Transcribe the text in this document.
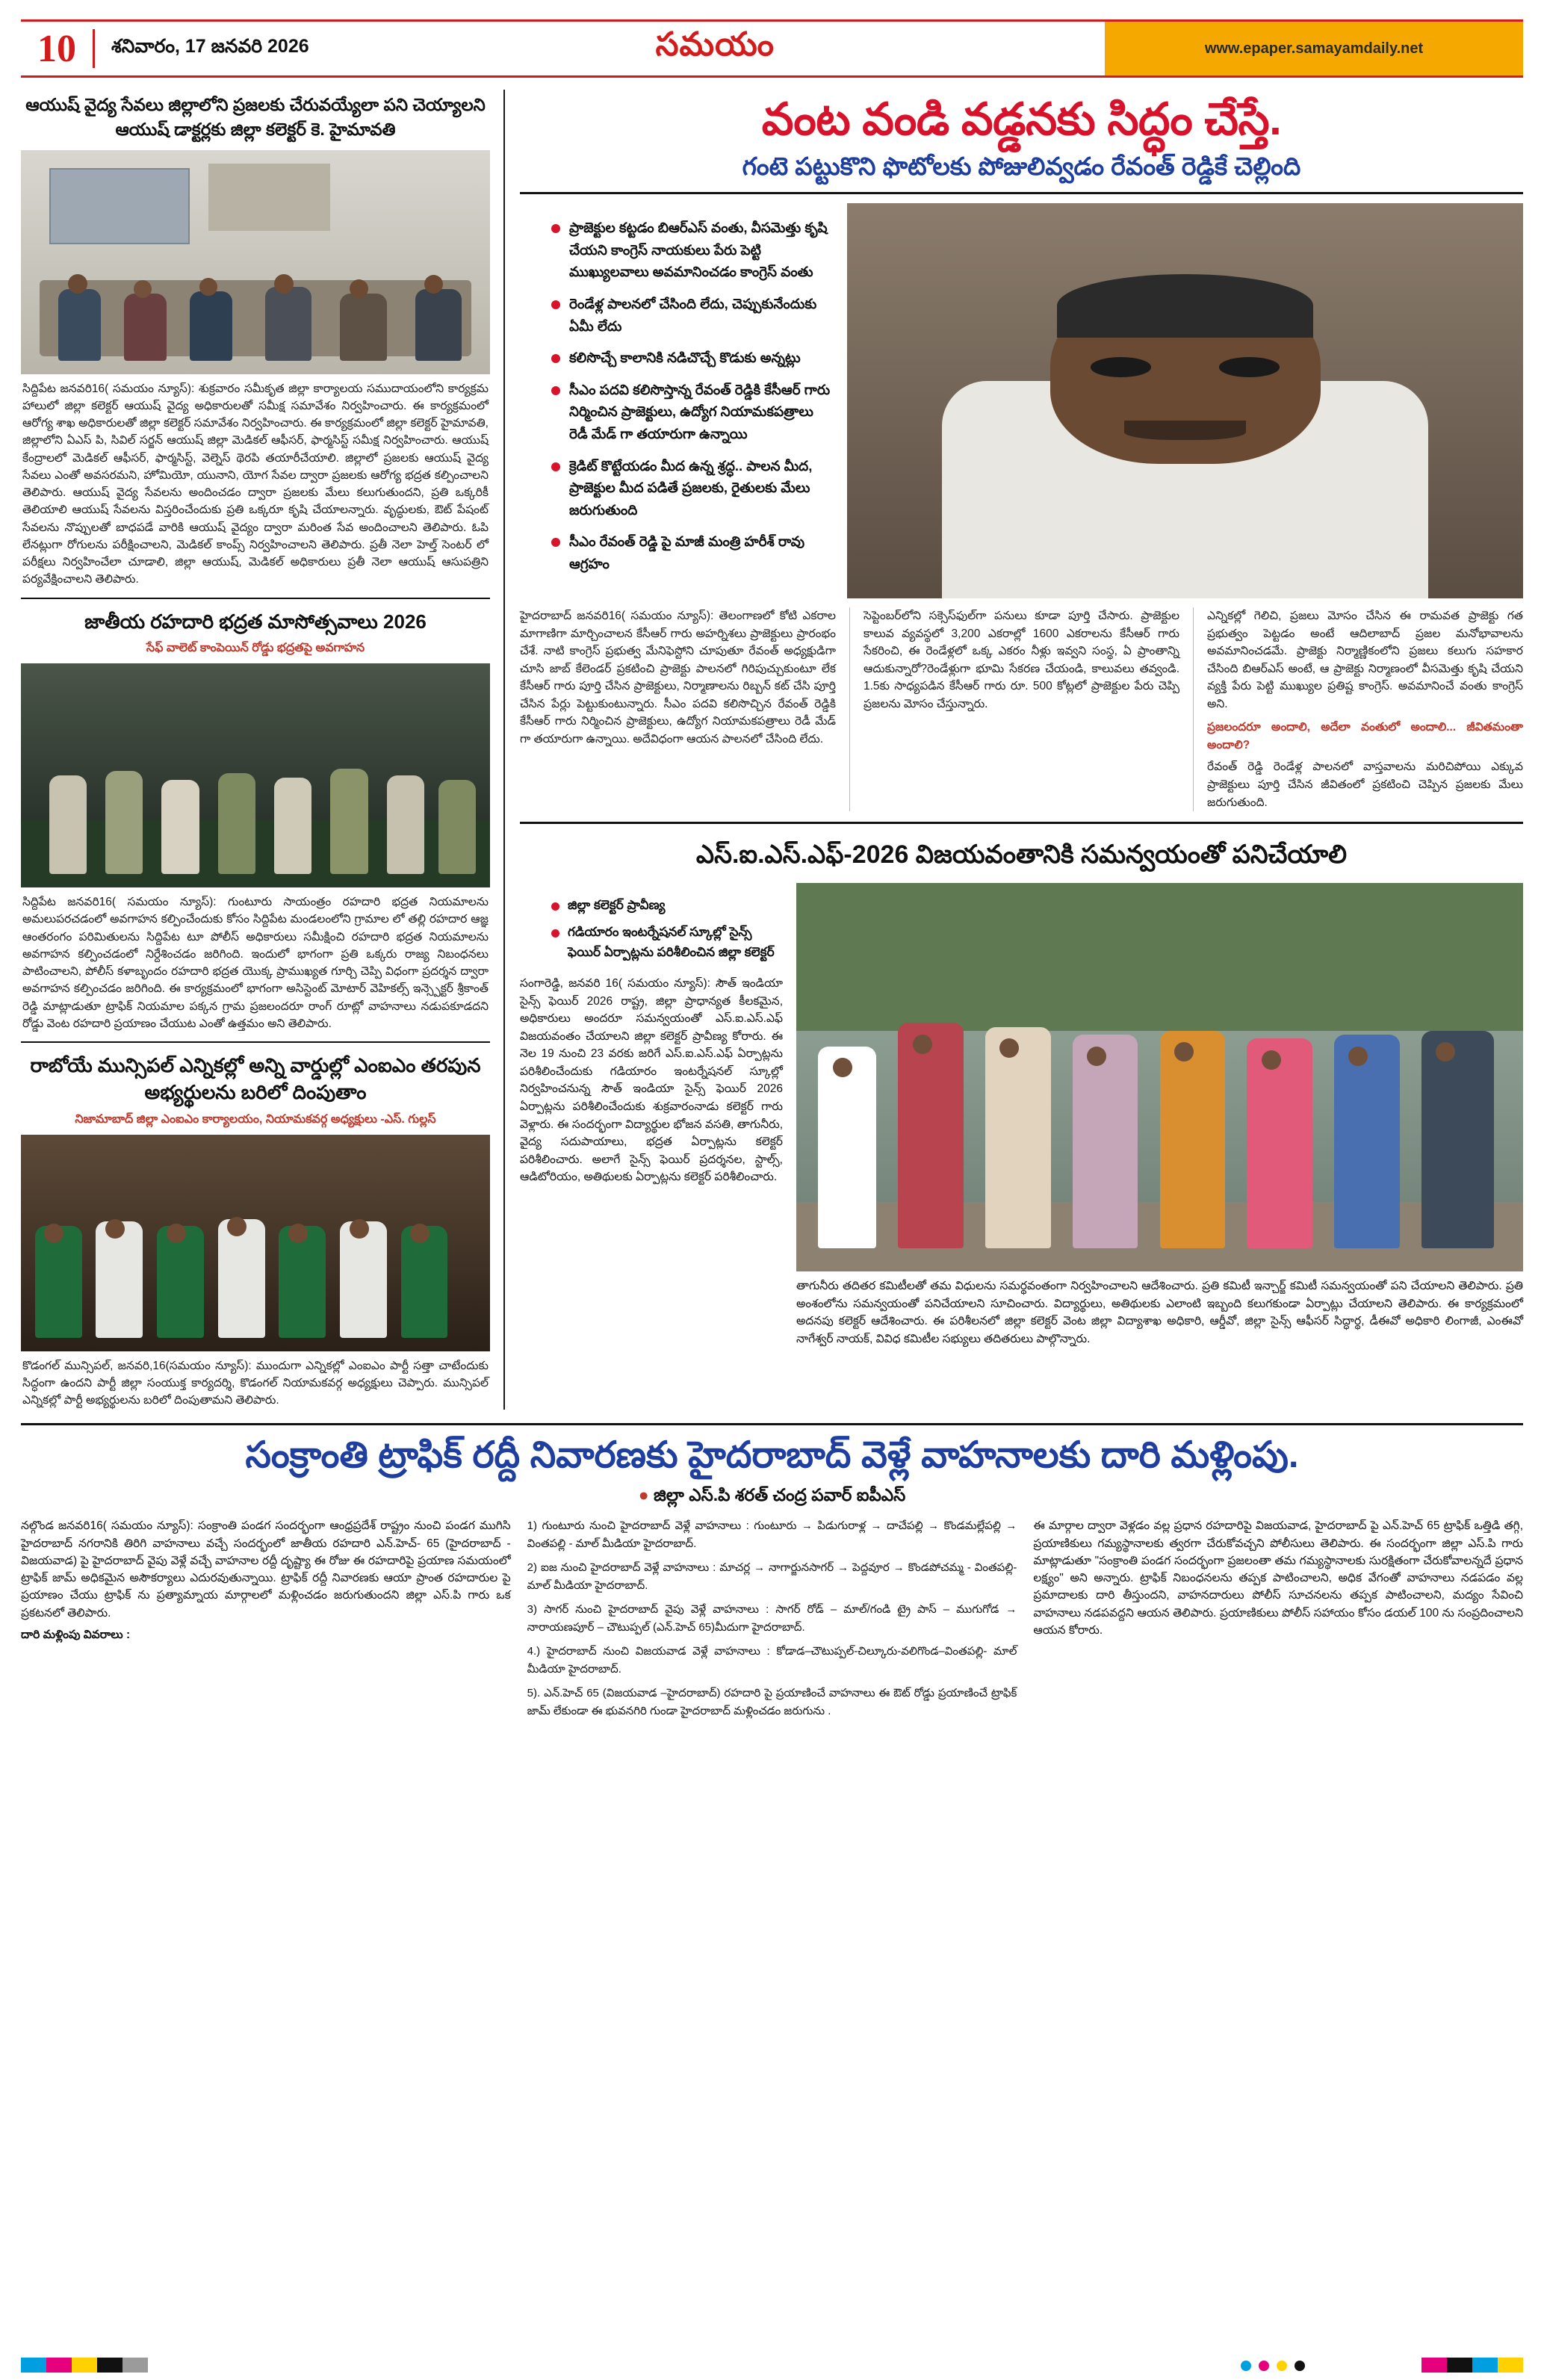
10	శనివారం, 17 జనవరి 2026	సమయం	www.epaper.samayamdaily.net
ఆయుష్ వైద్య సేవలు జిల్లాలోని ప్రజలకు చేరువయ్యేలా పని చెయ్యాలని ఆయుష్ డాక్టర్లకు జిల్లా కలెక్టర్ కె. హైమావతి
సిద్దిపేట జనవరి16( సమయం న్యూస్): శుక్రవారం సమీకృత జిల్లా కార్యాలయ సముదాయంలోని కార్యక్రమ హాలులో జిల్లా కలెక్టర్ ఆయుష్ వైద్య అధికారులతో సమీక్ష సమావేశం నిర్వహించారు. ఈ కార్యక్రమంలో ఆరోగ్య శాఖ అధికారులతో జిల్లా కలెక్టర్ సమావేశం నిర్వహించారు. ఈ కార్యక్రమంలో జిల్లా కలెక్టర్ హైమావతి, జిల్లాలోని ఏఎస్ పి, సివిల్ సర్జన్ ఆయుష్ జిల్లా మెడికల్ ఆఫీసర్, ఫార్మసిస్ట్ సమీక్ష నిర్వహించారు. ఆయుష్ కేంద్రాలలో మెడికల్ ఆఫీసర్, ఫార్మసిస్ట్, వెల్నెస్ థెరపి తయారీచేయాలి. జిల్లాలో ప్రజలకు ఆయుష్ వైద్య సేవలు ఎంతో అవసరమని, హోమియో, యునాని, యోగ సేవల ద్వారా ప్రజలకు ఆరోగ్య భద్రత కల్పించాలని తెలిపారు. ఆయుష్ వైద్య సేవలను అందించడం ద్వారా ప్రజలకు మేలు కలుగుతుందని, ప్రతి ఒక్కరికీ తెలియాలి ఆయుష్ సేవలను విస్తరించేందుకు ప్రతి ఒక్కరూ కృషి చేయాలన్నారు. వృద్ధులకు, ఔట్ పేషంట్ సేవలను నొప్పులతో బాధపడే వారికి ఆయుష్ వైద్యం ద్వారా మరింత సేవ అందించాలని తెలిపారు. ఓపి లేనట్లుగా రోగులను పరీక్షించాలని, మెడికల్ కాంప్స్ నిర్వహించాలని తెలిపారు. ప్రతీ నెలా హెల్త్ సెంటర్ లో పరీక్షలు నిర్వహించేలా చూడాలి, జిల్లా ఆయుష్, మెడికల్ అధికారులు ప్రతీ నెలా ఆయుష్ ఆసుపత్రిని పర్యవేక్షించాలని తెలిపారు.
జాతీయ రహదారి భద్రత మాసోత్సవాలు 2026
సేఫ్ వాలెట్ కాంపెయిన్ రోడ్డు భద్రతపై అవగాహన
సిద్దిపేట జనవరి16( సమయం న్యూస్): గుంటూరు సాయంత్రం రహదారి భద్రత నియమాలను అమలుపరచడంలో అవగాహన కల్పించేందుకు కోసం సిద్దిపేట మండలంలోని గ్రామాల లో తల్లి రహదార ఆజ్ఞ ఆంతరంగం పరిమితులను సిద్దిపేట టూ పోలీస్ అధికారులు సమీక్షించి రహదారి భద్రత నియమాలను అవగాహన కల్పించడంలో నిర్దేశించడం జరిగింది. ఇందులో భాగంగా ప్రతి ఒక్కరు రాజ్య నిబంధనలు పాటించాలని, పోలీస్ కళాబృందం రహదారి భద్రత యొక్క ప్రాముఖ్యత గూర్చి చెప్పి విధంగా ప్రదర్శన ద్వారా అవగాహన కల్పించడం జరిగింది. ఈ కార్యక్రమంలో భాగంగా అసిస్టెంట్ మోటార్ వెహికల్స్ ఇన్స్పెక్టర్ శ్రీకాంత్ రెడ్డి మాట్లాడుతూ ట్రాఫిక్ నియమాల పక్కన గ్రామ ప్రజలందరూ రాంగ్ రూట్లో వాహనాలు నడుపకూడదని రోడ్డు వెంట రహదారి ప్రయాణం చేయుట ఎంతో ఉత్తమం అని తెలిపారు.
రాబోయే మున్సిపల్ ఎన్నికల్లో అన్ని వార్డుల్లో ఎంఐఎం తరపున అభ్యర్థులను బరిలో దింపుతాం
నిజామాబాద్ జిల్లా ఎంఐఎం కార్యాలయం, నియామకవర్గ అధ్యక్షులు -ఎస్. గుల్లస్
కొడంగల్ మున్సిపల్, జనవరి,16(సమయం న్యూస్): ముందుగా ఎన్నికల్లో ఎంఐఎం పార్టీ సత్తా చాటేందుకు సిద్ధంగా ఉందని పార్టీ జిల్లా సంయుక్త కార్యదర్శి, కొడంగల్ నియామకవర్గ అధ్యక్షులు చెప్పారు. మున్సిపల్ ఎన్నికల్లో పార్టీ అభ్యర్థులను బరిలో దింపుతామని తెలిపారు.
వంట వండి వడ్డనకు సిద్ధం చేస్తే.
గంటె పట్టుకొని ఫొటోలకు పోజులివ్వడం రేవంత్ రెడ్డికే చెల్లింది
ప్రాజెక్టుల కట్టడం బిఆర్ఎస్ వంతు, వీసమెత్తు కృషి చేయని కాంగ్రెస్ నాయకులు పేరు పెట్టి ముఖ్యులవాలు అవమానించడం కాంగ్రెస్ వంతు
రెండేళ్ల పాలనలో చేసింది లేదు, చెప్పుకునేందుకు ఏమీ లేదు
కలిసొచ్చే కాలానికి నడిచొచ్చే కొడుకు అన్నట్లు
సీఎం పదవి కలిసొస్తాన్న రేవంత్ రెడ్డికి కేసీఆర్ గారు నిర్మించిన ప్రాజెక్టులు, ఉద్యోగ నియామకపత్రాలు రెడీ మేడ్ గా తయారుగా ఉన్నాయి
క్రెడిట్ కొట్టేయడం మీద ఉన్న శ్రద్ధ.. పాలన మీద, ప్రాజెక్టుల మీద పడితే ప్రజలకు, రైతులకు మేలు జరుగుతుంది
సీఎం రేవంత్ రెడ్డి పై మాజీ మంత్రి హరీశ్ రావు ఆగ్రహం
హైదరాబాద్ జనవరి16( సమయం న్యూస్): తెలంగాణలో కోటి ఎకరాల మాగాణిగా మార్చించాలన కేసీఆర్ గారు అహర్నిశలు ప్రాజెక్టులు ప్రారంభం చేశే. నాటి కాంగ్రెస్ ప్రభుత్వ మేనిఫెస్టోని చూపుతూ రేవంత్ అధ్యక్షుడిగా చూసి జాబ్ కేలెండర్ ప్రకటించి ప్రాజెక్టు పాలనలో గిరిపుచ్చుకుంటూ లేక కేసీఆర్ గారు పూర్తి చేసిన ప్రాజెక్టులు, నిర్మాణాలను రిబ్బన్ కట్ చేసి పూర్తి చేసిన పేర్లు పెట్టుకుంటున్నారు. సీఎం పదవి కలిసొచ్చిన రేవంత్ రెడ్డికి కేసీఆర్ గారు నిర్మించిన ప్రాజెక్టులు, ఉద్యోగ నియామకపత్రాలు రెడీ మేడ్ గా తయారుగా ఉన్నాయి. అదేవిధంగా ఆయన పాలనలో చేసింది లేదు.
సెప్టెంబర్‌లోని సక్సెస్‌ఫుల్‌గా పనులు కూడా పూర్తి చేసారు. ప్రాజెక్టుల కాలువ వ్యవస్థలో 3,200 ఎకరాల్లో 1600 ఎకరాలను కేసీఆర్ గారు సేకరించి, ఈ రెండేళ్లలో ఒక్క ఎకరం నీళ్లు ఇవ్వని సంస్థ, ఏ ప్రాంతాన్ని ఆదుకున్నారో?రెండేళ్లుగా భూమి సేకరణ చేయండి, కాలువలు తవ్వండి. 1.5కు సాధ్యపడిన కేసీఆర్ గారు రూ. 500 కోట్లలో ప్రాజెక్టుల పేరు చెప్పి ప్రజలను మోసం చేస్తున్నారు.
ఎన్నికల్లో గెలిచి, ప్రజలు మోసం చేసిన ఈ రామవత ప్రాజెక్టు గత ప్రభుత్వం పెట్టడం అంటే ఆదిలాబాద్ ప్రజల మనోభావాలను అవమానించడమే. ప్రాజెక్టు నిర్మాణ్ణికంలోని ప్రజలు కలుగు సహకార చేసింది బిఆర్ఎస్ అంటే, ఆ ప్రాజెక్టు నిర్మాణంలో వీసమెత్తు కృషి చేయని వ్యక్తి పేరు పెట్టి ముఖ్యుల ప్రతిష్ట కాంగ్రెస్. అవమానించే వంతు కాంగ్రెస్ అని.
ప్రజలందరూ అందాలి, అదేలా వంతులో అందాలి... జీవితమంతా అందాలి?
రేవంత్ రెడ్డి రెండేళ్ల పాలనలో వాస్తవాలను మరిచిపోయి ఎక్కువ ప్రాజెక్టులు పూర్తి చేసిన జీవితంలో ప్రకటించి చెప్పిన ప్రజలకు మేలు జరుగుతుంది.
ఎస్.ఐ.ఎస్.ఎఫ్-2026 విజయవంతానికి సమన్వయంతో పనిచేయాలి
జిల్లా కలెక్టర్ ప్రావీణ్య
గడియారం ఇంటర్నేషనల్ స్కూల్లో సైన్స్ ఫెయిర్ ఏర్పాట్లను పరిశీలించిన జిల్లా కలెక్టర్
సంగారెడ్డి, జనవరి 16( సమయం న్యూస్): సౌత్ ఇండియా సైన్స్ ఫెయిర్ 2026 రాష్ట్ర, జిల్లా ప్రాధాన్యత కీలకమైన, అధికారులు అందరూ సమన్వయంతో ఎస్.ఐ.ఎస్.ఎఫ్ విజయవంతం చేయాలని జిల్లా కలెక్టర్ ప్రావీణ్య కోరారు. ఈ నెల 19 నుంచి 23 వరకు జరిగే ఎస్.ఐ.ఎస్.ఎఫ్ ఏర్పాట్లను పరిశీలించేందుకు గడియారం ఇంటర్నేషనల్ స్కూల్లో నిర్వహించనున్న సౌత్ ఇండియా సైన్స్ ఫెయిర్ 2026 ఏర్పాట్లను పరిశీలించేందుకు శుక్రవారంనాడు కలెక్టర్ గారు వెళ్లారు. ఈ సందర్భంగా విద్యార్థుల భోజన వసతి, తాగునీరు, వైద్య సదుపాయాలు, భద్రత ఏర్పాట్లను కలెక్టర్ పరిశీలించారు. అలాగే సైన్స్ ఫెయిర్ ప్రదర్శనల, స్టాల్స్, ఆడిటోరియం, అతిథులకు ఏర్పాట్లను కలెక్టర్ పరిశీలించారు.
తాగునీరు తదితర కమిటీలతో తమ విధులను సమర్థవంతంగా నిర్వహించాలని ఆదేశించారు. ప్రతి కమిటీ ఇన్చార్జ్ కమిటీ సమన్వయంతో పని చేయాలని తెలిపారు. ప్రతి అంశంలోను సమన్వయంతో పనిచేయాలని సూచించారు. విద్యార్థులు, అతిథులకు ఎలాంటి ఇబ్బంది కలుగకుండా ఏర్పాట్లు చేయాలని తెలిపారు. ఈ కార్యక్రమంలో అదనపు కలెక్టర్ ఆదేశించారు. ఈ పరిశీలనలో జిల్లా కలెక్టర్ వెంట జిల్లా విద్యాశాఖ అధికారి, ఆర్డీవో, జిల్లా సైన్స్ ఆఫీసర్ సిద్ధార్థ, డీఈవో అధికారి లింగాజీ, ఎంఈవో నాగేశ్వర్ నాయక్, వివిధ కమిటీల సభ్యులు తదితరులు పాల్గొన్నారు.
సంక్రాంతి ట్రాఫిక్ రద్దీ నివారణకు హైదరాబాద్ వెళ్లే వాహనాలకు దారి మళ్లింపు.
● జిల్లా ఎస్.పి శరత్ చంద్ర పవార్ ఐపీఎస్
నల్గొండ జనవరి16( సమయం న్యూస్): సంక్రాంతి పండగ సందర్భంగా ఆంధ్రప్రదేశ్ రాష్ట్రం నుంచి పండగ ముగిసి హైదరాబాద్ నగరానికి తిరిగి వాహనాలు వచ్చే సందర్భంలో జాతీయ రహదారి ఎన్.హెచ్- 65 (హైదరాబాద్ - విజయవాడ) పై హైదరాబాద్ వైపు వెళ్లే వచ్చే వాహనాల రద్దీ దృష్ట్యా ఈ రోజు ఈ రహదారిపై ప్రయాణ సమయంలో ట్రాఫిక్ జామ్ అధికమైన అసౌకర్యాలు ఎదురవుతున్నాయి. ట్రాఫిక్ రద్దీ నివారణకు ఆయా ప్రాంత రహదారుల పై ప్రయాణం చేయు ట్రాఫిక్ ను ప్రత్యామ్నాయ మార్గాలలో మళ్లించడం జరుగుతుందని జిల్లా ఎస్.పి గారు ఒక ప్రకటనలో తెలిపారు.
దారి మళ్లింపు వివరాలు :
1) గుంటూరు నుంచి హైదరాబాద్ వెళ్లే వాహనాలు : గుంటూరు → పిడుగురాళ్ల → దాచేపల్లి → కొండమల్లేపల్లి → వింతపల్లి - మాల్ మీడియా హైదరాబాద్.
2) ఐజ నుంచి హైదరాబాద్ వెళ్లే వాహనాలు : మాచర్ల → నాగార్జునసాగర్ → పెద్దవూర → కొండపోచమ్మ - వింతపల్లి-మాల్ మీడియా హైదరాబాద్.
3) సాగర్ నుంచి హైదరాబాద్ వైపు వెళ్లే వాహనాలు : సాగర్ రోడ్ – మాల్/గండి ట్రై పాస్ – ముగుగోడ → నారాయణపూర్ – చౌటుప్పల్ (ఎన్.హెచ్ 65)మీదుగా హైదరాబాద్.
4.) హైదరాబాద్ నుంచి విజయవాడ వెళ్లే వాహనాలు : కోడాడ–చౌటుప్పల్-చిల్కూరు-వలిగొండ–వింతపల్లి- మాల్ మీడియా హైదరాబాద్.
5). ఎన్.హెచ్ 65 (విజయవాడ –హైదరాబాద్) రహదారి పై ప్రయాణించే వాహనాలు ఈ ఔట్ రోడ్డు ప్రయాణించే ట్రాఫిక్ జామ్ లేకుండా ఈ భువనగిరి గుండా హైదరాబాద్ మళ్లించడం జరుగును .
ఈ మార్గాల ద్వారా వెళ్లడం వల్ల ప్రధాన రహదారిపై విజయవాడ, హైదరాబాద్ పై ఎన్.హెచ్ 65 ట్రాఫిక్ ఒత్తిడి తగ్గి, ప్రయాణికులు గమ్యస్థానాలకు త్వరగా చేరుకోవచ్చని పోలీసులు తెలిపారు. ఈ సందర్భంగా జిల్లా ఎస్.పి గారు మాట్లాడుతూ "సంక్రాంతి పండగ సందర్భంగా ప్రజలంతా తమ గమ్యస్థానాలకు సురక్షితంగా చేరుకోవాలన్నదే ప్రధాన లక్ష్యం" అని అన్నారు. ట్రాఫిక్ నిబంధనలను తప్పక పాటించాలని, అధిక వేగంతో వాహనాలు నడపడం వల్ల ప్రమాదాలకు దారి తీస్తుందని, వాహనదారులు పోలీస్ సూచనలను తప్పక పాటించాలని, మద్యం సేవించి వాహనాలు నడపవద్దని ఆయన తెలిపారు. ప్రయాణికులు పోలీస్ సహాయం కోసం డయల్ 100 ను సంప్రదించాలని ఆయన కోరారు.
